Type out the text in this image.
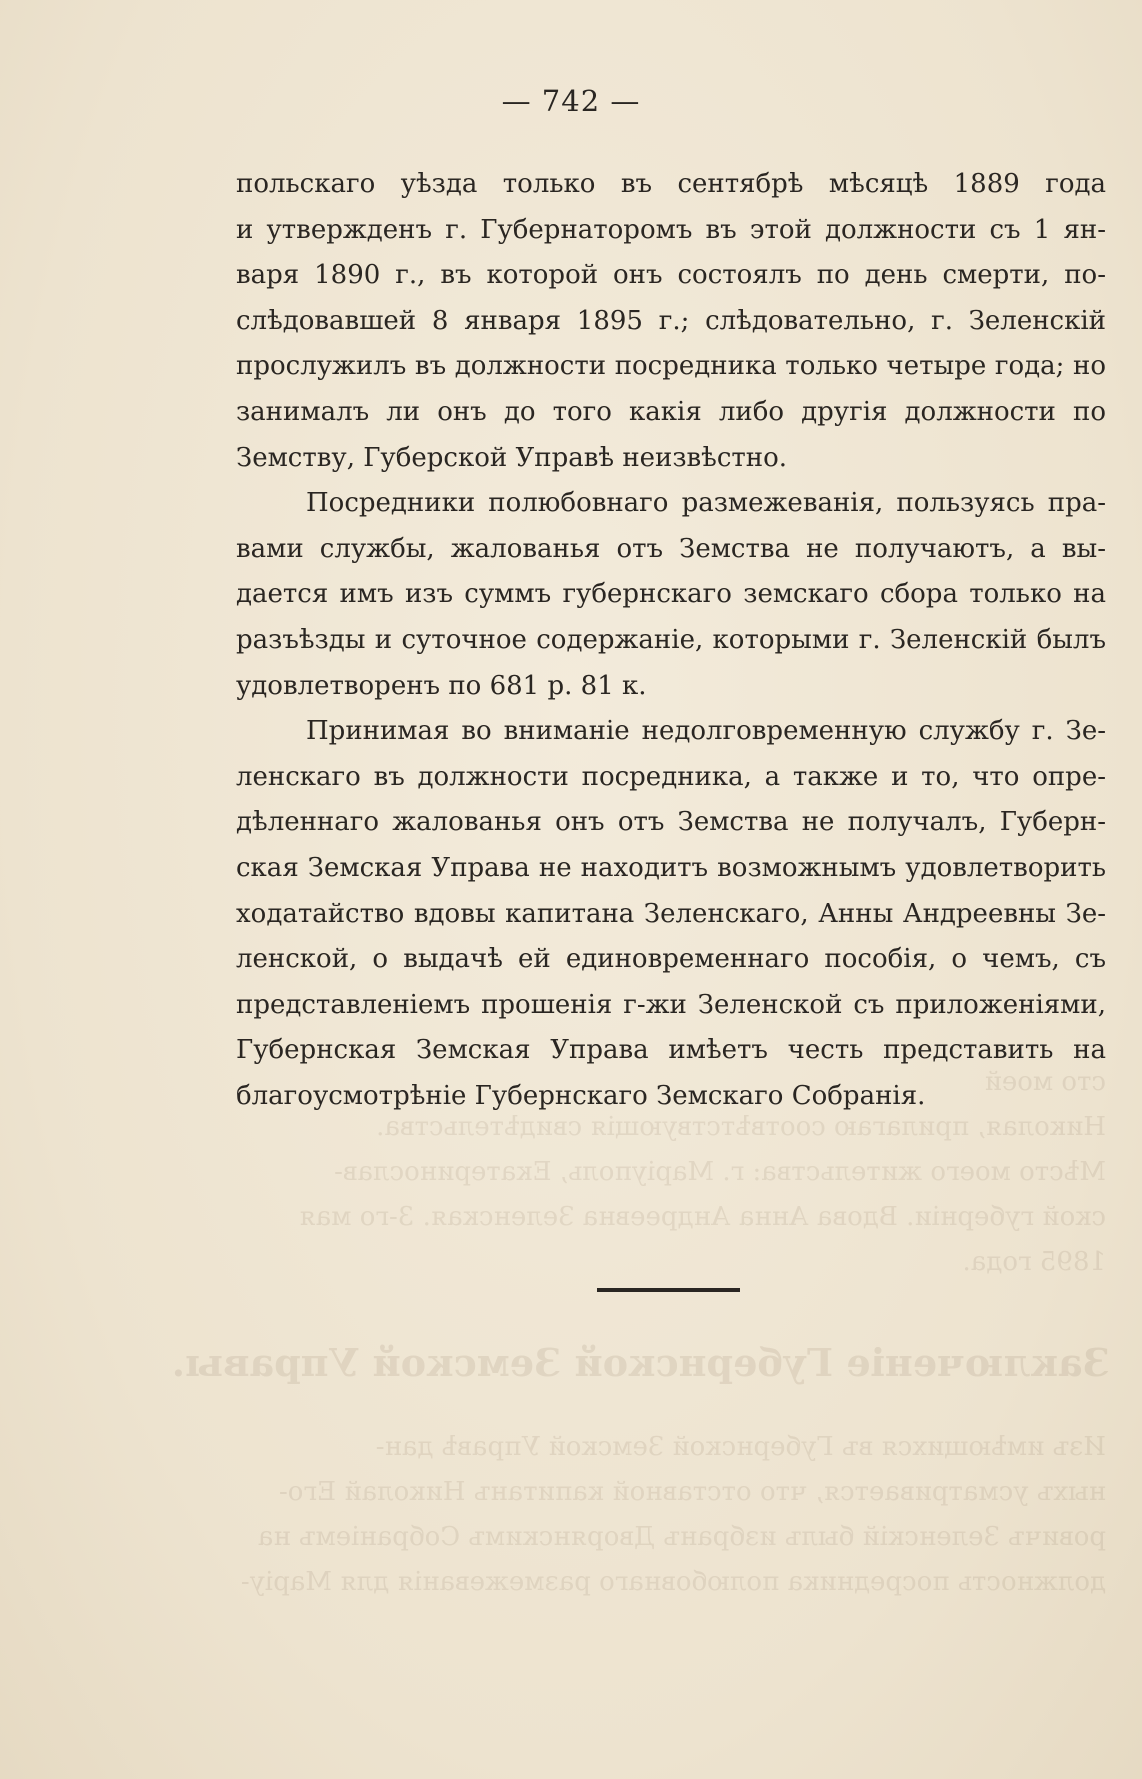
сто моей
Николая, прилагаю соотвѣтствующія свидѣтельства.
Мѣсто моего жительства: г. Маріуполь, Екатеринослав-
ской губерніи. Вдова Анна Андреевна Зеленская. 3-го мая
1895 года.
Заключеніе Губернской Земской Управы.
Изъ имѣющихся въ Губернской Земской Управѣ дан-
ныхъ усматривается, что отставной капитанъ Николай Его-
ровичъ Зеленскій былъ избранъ Дворянскимъ Собраніемъ на
должность посредника полюбовнаго размежеванія для Маріу-
— 742 —

польскаго уѣзда только въ сентябрѣ мѣсяцѣ 1889 года
и утвержденъ г. Губернаторомъ въ этой должности съ 1 ян-
варя 1890 г., въ которой онъ состоялъ по день смерти, по-
слѣдовавшей 8 января 1895 г.; слѣдовательно, г. Зеленскій
прослужилъ въ должности посредника только четыре года; но
занималъ ли онъ до того какія либо другія должности по
Земству, Губерской Управѣ неизвѣстно.

Посредники полюбовнаго размежеванія, пользуясь пра-
вами службы, жалованья отъ Земства не получаютъ, а вы-
дается имъ изъ суммъ губернскаго земскаго сбора только на
разъѣзды и суточное содержаніе, которыми г. Зеленскій былъ
удовлетворенъ по 681 р. 81 к.

Принимая во вниманіе недолговременную службу г. Зе-
ленскаго въ должности посредника, а также и то, что опре-
дѣленнаго жалованья онъ отъ Земства не получалъ, Губерн-
ская Земская Управа не находитъ возможнымъ удовлетворить
ходатайство вдовы капитана Зеленскаго, Анны Андреевны Зе-
ленской, о выдачѣ ей единовременнаго пособія, о чемъ, съ
представленіемъ прошенія г-жи Зеленской съ приложеніями,
Губернская Земская Управа имѣетъ честь представить на
благоусмотрѣніе Губернскаго Земскаго Собранія.
